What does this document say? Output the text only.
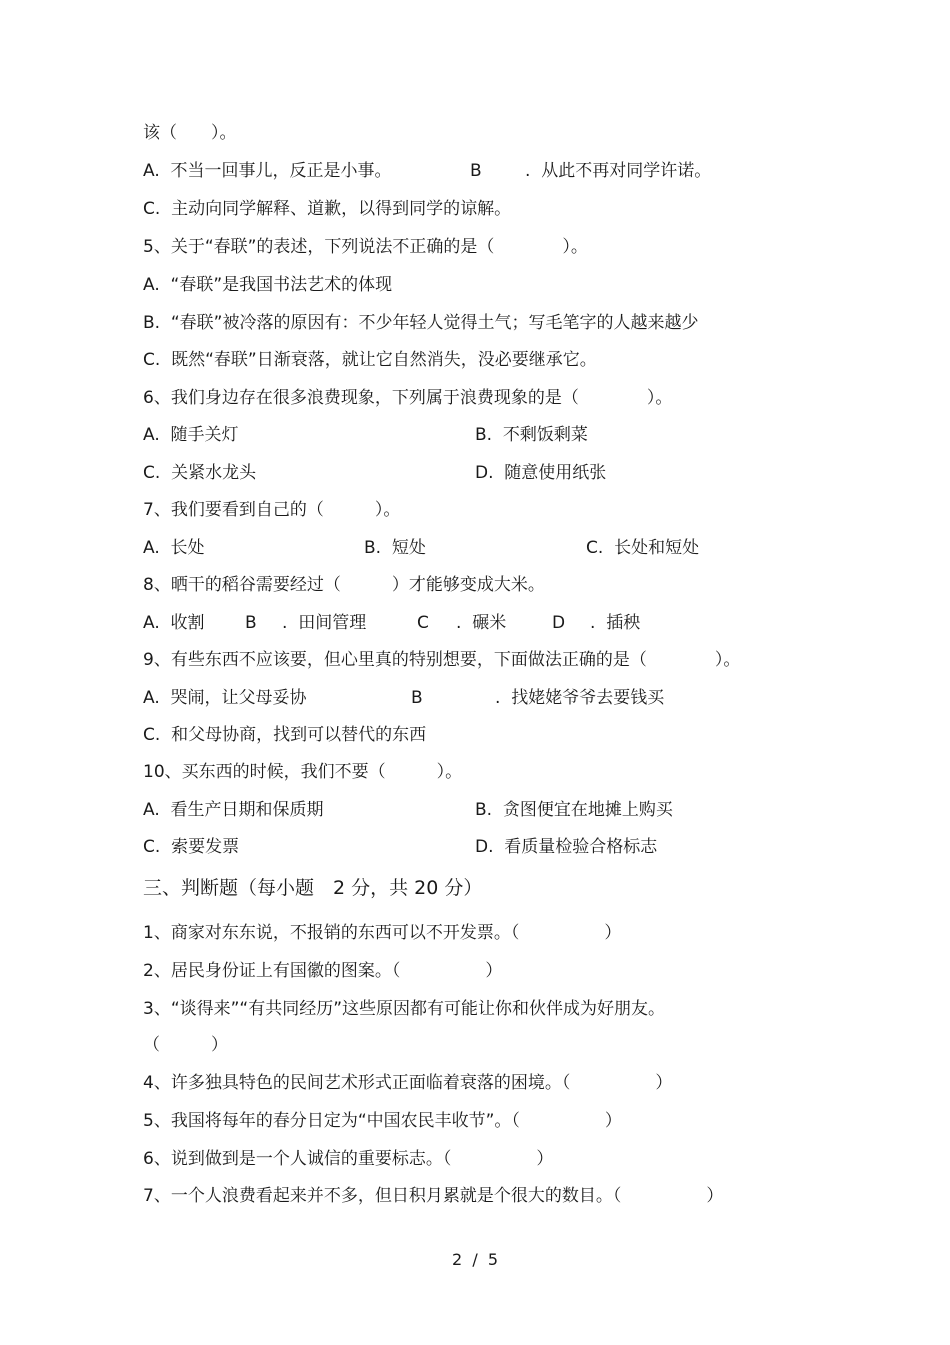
该（　　）。
A.  不当一回事儿，反正是小事。	B	.  从此不再对同学许诺。
C.  主动向同学解释、道歉，以得到同学的谅解。
5、关于“春联”的表述，下列说法不正确的是（　　　　）。
A.  “春联”是我国书法艺术的体现
B.  “春联”被冷落的原因有：不少年轻人觉得土气；写毛笔字的人越来越少
C.  既然“春联”日渐衰落，就让它自然消失，没必要继承它。
6、我们身边存在很多浪费现象，下列属于浪费现象的是（　　　　）。
A.  随手关灯	B.  不剩饭剩菜
C.  关紧水龙头	D.  随意使用纸张
7、我们要看到自己的（　　　）。
A.  长处	B.  短处	C.  长处和短处
8、晒干的稻谷需要经过（　　　）才能够变成大米。
A.  收割 B .  田间管理	C .  碾米	D .  插秧
9、有些东西不应该要，但心里真的特别想要，下面做法正确的是（　　　　）。
A.  哭闹，让父母妥协	B	.  找姥姥爷爷去要钱买
C.  和父母协商，找到可以替代的东西
10、买东西的时候，我们不要（　　　）。
A.  看生产日期和保质期	B.  贪图便宜在地摊上购买
C.  索要发票	D.  看质量检验合格标志
三、判断题（每小题　2 分，共 20 分）
1、商家对东东说，不报销的东西可以不开发票。（　　　　　）
2、居民身份证上有国徽的图案。（　　　　　）
3、“谈得来”“有共同经历”这些原因都有可能让你和伙伴成为好朋友。
（　　　）
4、许多独具特色的民间艺术形式正面临着衰落的困境。（　　　　　）
5、我国将每年的春分日定为“中国农民丰收节”。（　　　　　）
6、说到做到是一个人诚信的重要标志。（　　　　　）
7、一个人浪费看起来并不多，但日积月累就是个很大的数目。（　　　　　）
2  /  5
